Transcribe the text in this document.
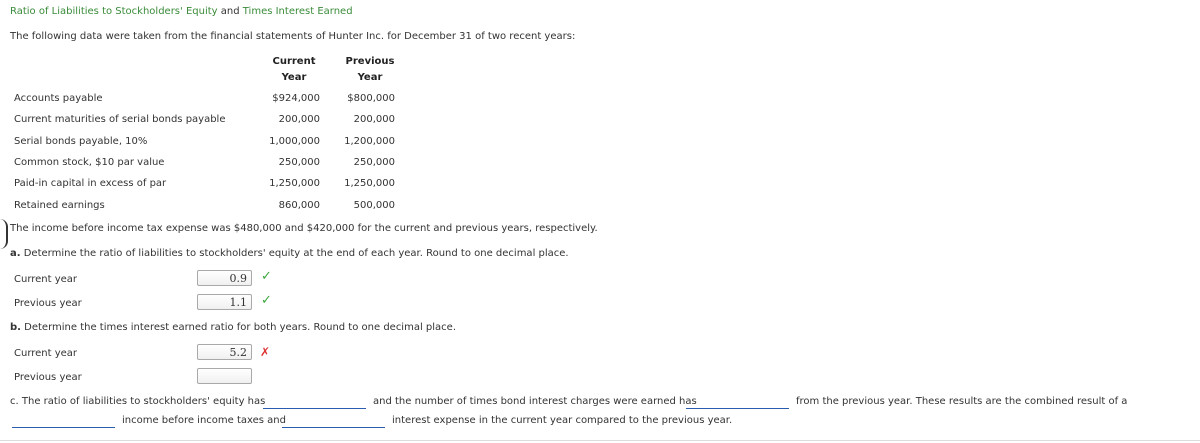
Ratio of Liabilities to Stockholders' Equity and Times Interest Earned
The following data were taken from the financial statements of Hunter Inc. for December 31 of two recent years:
Current
Year
Previous
Year
Accounts payable	$924,000	$800,000
Current maturities of serial bonds payable	200,000	200,000
Serial bonds payable, 10%	1,000,000	1,200,000
Common stock, $10 par value	250,000	250,000
Paid-in capital in excess of par	1,250,000	1,250,000
Retained earnings	860,000	500,000
The income before income tax expense was $480,000 and $420,000 for the current and previous years, respectively.
a. Determine the ratio of liabilities to stockholders' equity at the end of each year. Round to one decimal place.
Current year	0.9	✓
Previous year	1.1	✓
b. Determine the times interest earned ratio for both years. Round to one decimal place.
Current year	5.2	✗
Previous year
c. The ratio of liabilities to stockholders' equity has	and the number of times bond interest charges were earned has	from the previous year. These results are the combined result of a
income before income taxes and	interest expense in the current year compared to the previous year.
